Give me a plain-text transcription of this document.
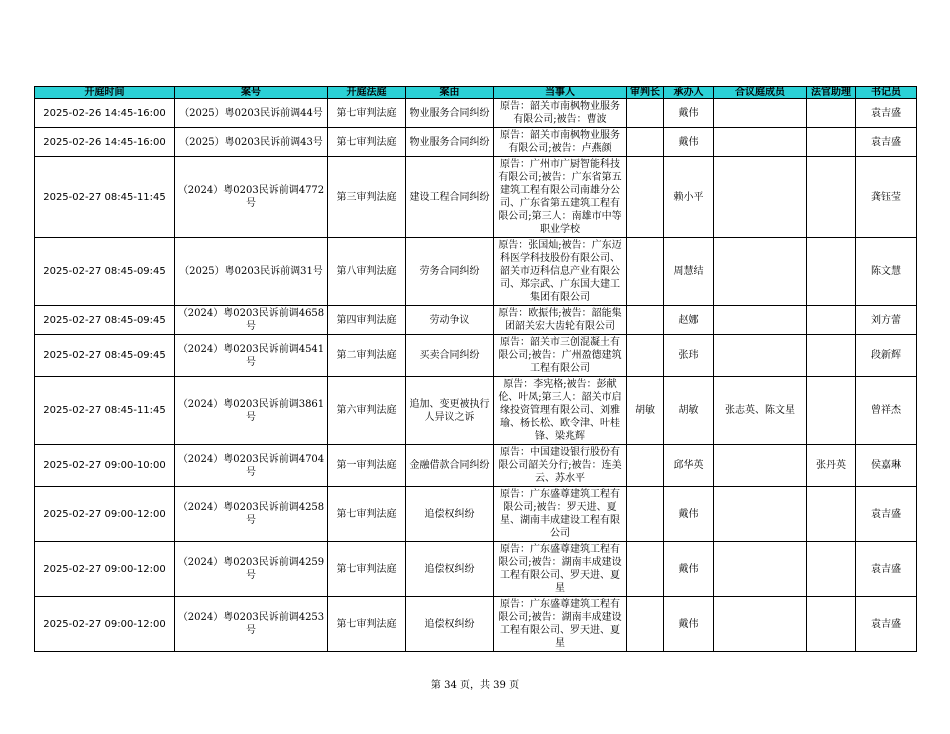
开庭时间	案号	开庭法庭	案由	当事人	审判长	承办人	合议庭成员	法官助理	书记员
2025-02-26 14:45-16:00	（2025）粤0203民诉前调44号	第七审判法庭	物业服务合同纠纷	原告：韶关市南枫物业服务有限公司;被告：曹波		戴伟			袁吉盛
2025-02-26 14:45-16:00	（2025）粤0203民诉前调43号	第七审判法庭	物业服务合同纠纷	原告：韶关市南枫物业服务有限公司;被告：卢燕颜		戴伟			袁吉盛
2025-02-27 08:45-11:45	（2024）粤0203民诉前调4772号	第三审判法庭	建设工程合同纠纷	原告：广州市广厨智能科技有限公司;被告：广东省第五建筑工程有限公司南雄分公司、广东省第五建筑工程有限公司;第三人：南雄市中等职业学校		赖小平			龚钰莹
2025-02-27 08:45-09:45	（2025）粤0203民诉前调31号	第八审判法庭	劳务合同纠纷	原告：张国灿;被告：广东迈科医学科技股份有限公司、韶关市迈科信息产业有限公司、郑宗武、广东国大建工集团有限公司		周慧结			陈文慧
2025-02-27 08:45-09:45	（2024）粤0203民诉前调4658号	第四审判法庭	劳动争议	原告：欧振伟;被告：韶能集团韶关宏大齿轮有限公司		赵娜			刘方蕾
2025-02-27 08:45-09:45	（2024）粤0203民诉前调4541号	第二审判法庭	买卖合同纠纷	原告：韶关市三创混凝土有限公司;被告：广州盈德建筑工程有限公司		张玮			段新辉
2025-02-27 08:45-11:45	（2024）粤0203民诉前调3861号	第六审判法庭	追加、变更被执行人异议之诉	原告：李宪格;被告：彭献伦、叶凤;第三人：韶关市启缘投资管理有限公司、刘雅瑜、杨长松、欧令津、叶桂锋、梁兆辉	胡敏	胡敏	张志英、陈文星		曾祥杰
2025-02-27 09:00-10:00	（2024）粤0203民诉前调4704号	第一审判法庭	金融借款合同纠纷	原告：中国建设银行股份有限公司韶关分行;被告：连美云、苏水平		邱华英		张丹英	侯嘉琳
2025-02-27 09:00-12:00	（2024）粤0203民诉前调4258号	第七审判法庭	追偿权纠纷	原告：广东盛尊建筑工程有限公司;被告：罗天进、夏星、湖南丰成建设工程有限公司		戴伟			袁吉盛
2025-02-27 09:00-12:00	（2024）粤0203民诉前调4259号	第七审判法庭	追偿权纠纷	原告：广东盛尊建筑工程有限公司;被告：湖南丰成建设工程有限公司、罗天进、夏星		戴伟			袁吉盛
2025-02-27 09:00-12:00	（2024）粤0203民诉前调4253号	第七审判法庭	追偿权纠纷	原告：广东盛尊建筑工程有限公司;被告：湖南丰成建设工程有限公司、罗天进、夏星		戴伟			袁吉盛
第 34 页，共 39 页
